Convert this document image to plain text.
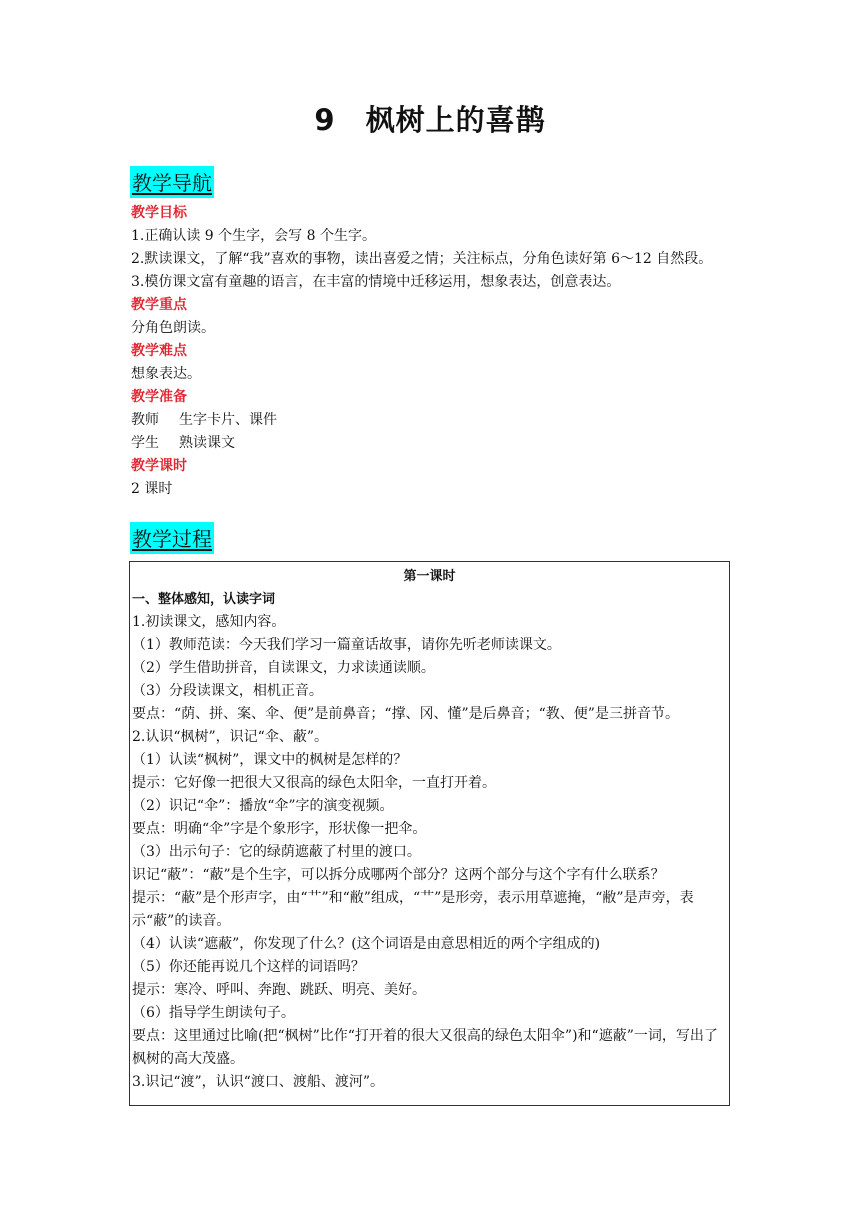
9 枫树上的喜鹊
教学导航

教学目标

1.正确认读 9 个生字，会写 8 个生字。

2.默读课文，了解“我”喜欢的事物，读出喜爱之情；关注标点，分角色读好第 6～12 自然段。

3.模仿课文富有童趣的语言，在丰富的情境中迁移运用，想象表达，创意表达。

教学重点

分角色朗读。

教学难点

想象表达。

教学准备

教师 生字卡片、课件

学生 熟读课文

教学课时

2 课时

教学过程

第一课时

一、整体感知，认读字词

1.初读课文，感知内容。

（1）教师范读：今天我们学习一篇童话故事，请你先听老师读课文。

（2）学生借助拼音，自读课文，力求读通读顺。

（3）分段读课文，相机正音。

要点：“荫、拼、案、伞、便”是前鼻音；“撑、冈、懂”是后鼻音；“教、便”是三拼音节。

2.认识“枫树”，识记“伞、蔽”。

（1）认读“枫树”，课文中的枫树是怎样的？

提示：它好像一把很大又很高的绿色太阳伞，一直打开着。

（2）识记“伞”：播放“伞”字的演变视频。

要点：明确“伞”字是个象形字，形状像一把伞。

（3）出示句子：它的绿荫遮蔽了村里的渡口。

识记“蔽”：“蔽”是个生字，可以拆分成哪两个部分？这两个部分与这个字有什么联系？

提示：“蔽”是个形声字，由“艹”和“敝”组成，“艹”是形旁，表示用草遮掩，“敝”是声旁，表示“蔽”的读音。

（4）认读“遮蔽”，你发现了什么？(这个词语是由意思相近的两个字组成的)

（5）你还能再说几个这样的词语吗？

提示：寒冷、呼叫、奔跑、跳跃、明亮、美好。

（6）指导学生朗读句子。

要点：这里通过比喻(把“枫树”比作“打开着的很大又很高的绿色太阳伞”)和“遮蔽”一词，写出了枫树的高大茂盛。

3.识记“渡”，认识“渡口、渡船、渡河”。
